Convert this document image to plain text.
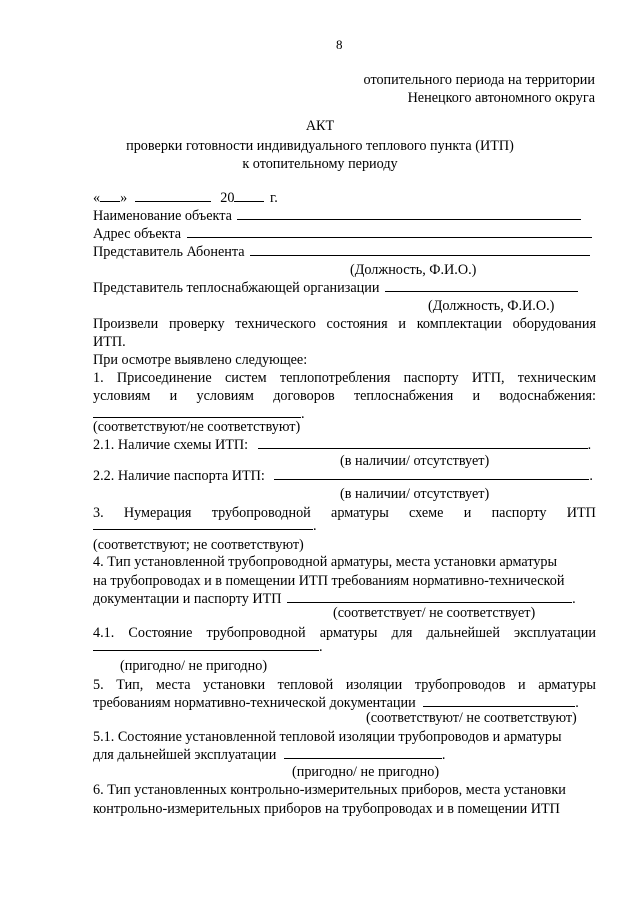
8
отопительного периода на территории
Ненецкого автономного округа
АКТ
проверки готовности индивидуального теплового пункта (ИТП)
к отопительному периоду
« »	20	г.
Наименование объекта
Адрес объекта
Представитель Абонента
(Должность, Ф.И.О.)
Представитель теплоснабжающей организации
(Должность, Ф.И.О.)
Произвели проверку технического состояния и комплектации оборудования
ИТП.
При осмотре выявлено следующее:
1. Присоединение систем теплопотребления паспорту ИТП, техническим
условиям и условиям договоров теплоснабжения и водоснабжения:
.
(соответствуют/не соответствуют)
2.1. Наличие схемы ИТП:	.
(в наличии/ отсутствует)
2.2. Наличие паспорта ИТП:	.
(в наличии/ отсутствует)
3. Нумерация трубопроводной арматуры схеме и паспорту ИТП
.
(соответствуют; не соответствуют)
4. Тип установленной трубопроводной арматуры, места установки арматуры
на трубопроводах и в помещении ИТП требованиям нормативно-технической
документации и паспорту ИТП	.
(соответствует/ не соответствует)
4.1. Состояние трубопроводной арматуры для дальнейшей эксплуатации
.
(пригодно/ не пригодно)
5. Тип, места установки тепловой изоляции трубопроводов и арматуры
требованиям нормативно-технической документации	.
(соответствуют/ не соответствуют)
5.1. Состояние установленной тепловой изоляции трубопроводов и арматуры
для дальнейшей эксплуатации	.
(пригодно/ не пригодно)
6. Тип установленных контрольно-измерительных приборов, места установки
контрольно-измерительных приборов на трубопроводах и в помещении ИТП
